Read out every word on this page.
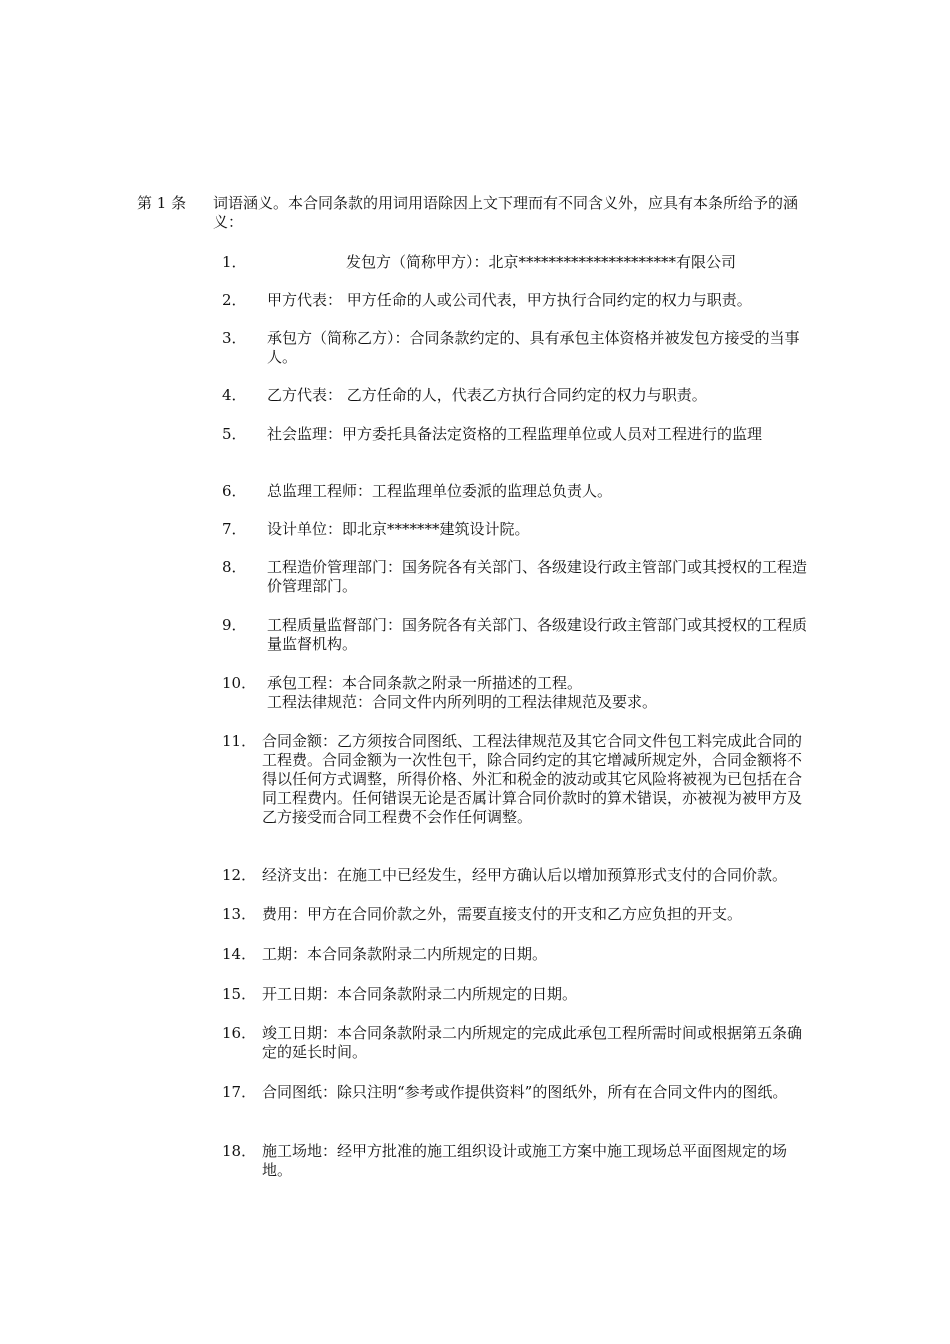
第 1 条 词语涵义。本合同条款的用词用语除因上文下理而有不同含义外，应具有本条所给予的涵义：
1．	发包方（简称甲方）：北京*********************有限公司
2． 甲方代表： 甲方任命的人或公司代表，甲方执行合同约定的权力与职责。
3． 承包方（简称乙方）：合同条款约定的、具有承包主体资格并被发包方接受的当事人。
4． 乙方代表： 乙方任命的人，代表乙方执行合同约定的权力与职责。
5． 社会监理：甲方委托具备法定资格的工程监理单位或人员对工程进行的监理
6． 总监理工程师：工程监理单位委派的监理总负责人。
7． 设计单位：即北京*******建筑设计院。
8． 工程造价管理部门：国务院各有关部门、各级建设行政主管部门或其授权的工程造价管理部门。
9． 工程质量监督部门：国务院各有关部门、各级建设行政主管部门或其授权的工程质量监督机构。
10． 承包工程：本合同条款之附录一所描述的工程。
工程法律规范：合同文件内所列明的工程法律规范及要求。
11． 合同金额：乙方须按合同图纸、工程法律规范及其它合同文件包工料完成此合同的工程费。合同金额为一次性包干，除合同约定的其它增减所规定外，合同金额将不得以任何方式调整，所得价格、外汇和税金的波动或其它风险将被视为已包括在合同工程费内。任何错误无论是否属计算合同价款时的算术错误，亦被视为被甲方及乙方接受而合同工程费不会作任何调整。
12． 经济支出：在施工中已经发生，经甲方确认后以增加预算形式支付的合同价款。
13． 费用：甲方在合同价款之外，需要直接支付的开支和乙方应负担的开支。
14． 工期：本合同条款附录二内所规定的日期。
15． 开工日期：本合同条款附录二内所规定的日期。
16． 竣工日期：本合同条款附录二内所规定的完成此承包工程所需时间或根据第五条确定的延长时间。
17． 合同图纸：除只注明“参考或作提供资料”的图纸外，所有在合同文件内的图纸。
18． 施工场地：经甲方批准的施工组织设计或施工方案中施工现场总平面图规定的场地。
